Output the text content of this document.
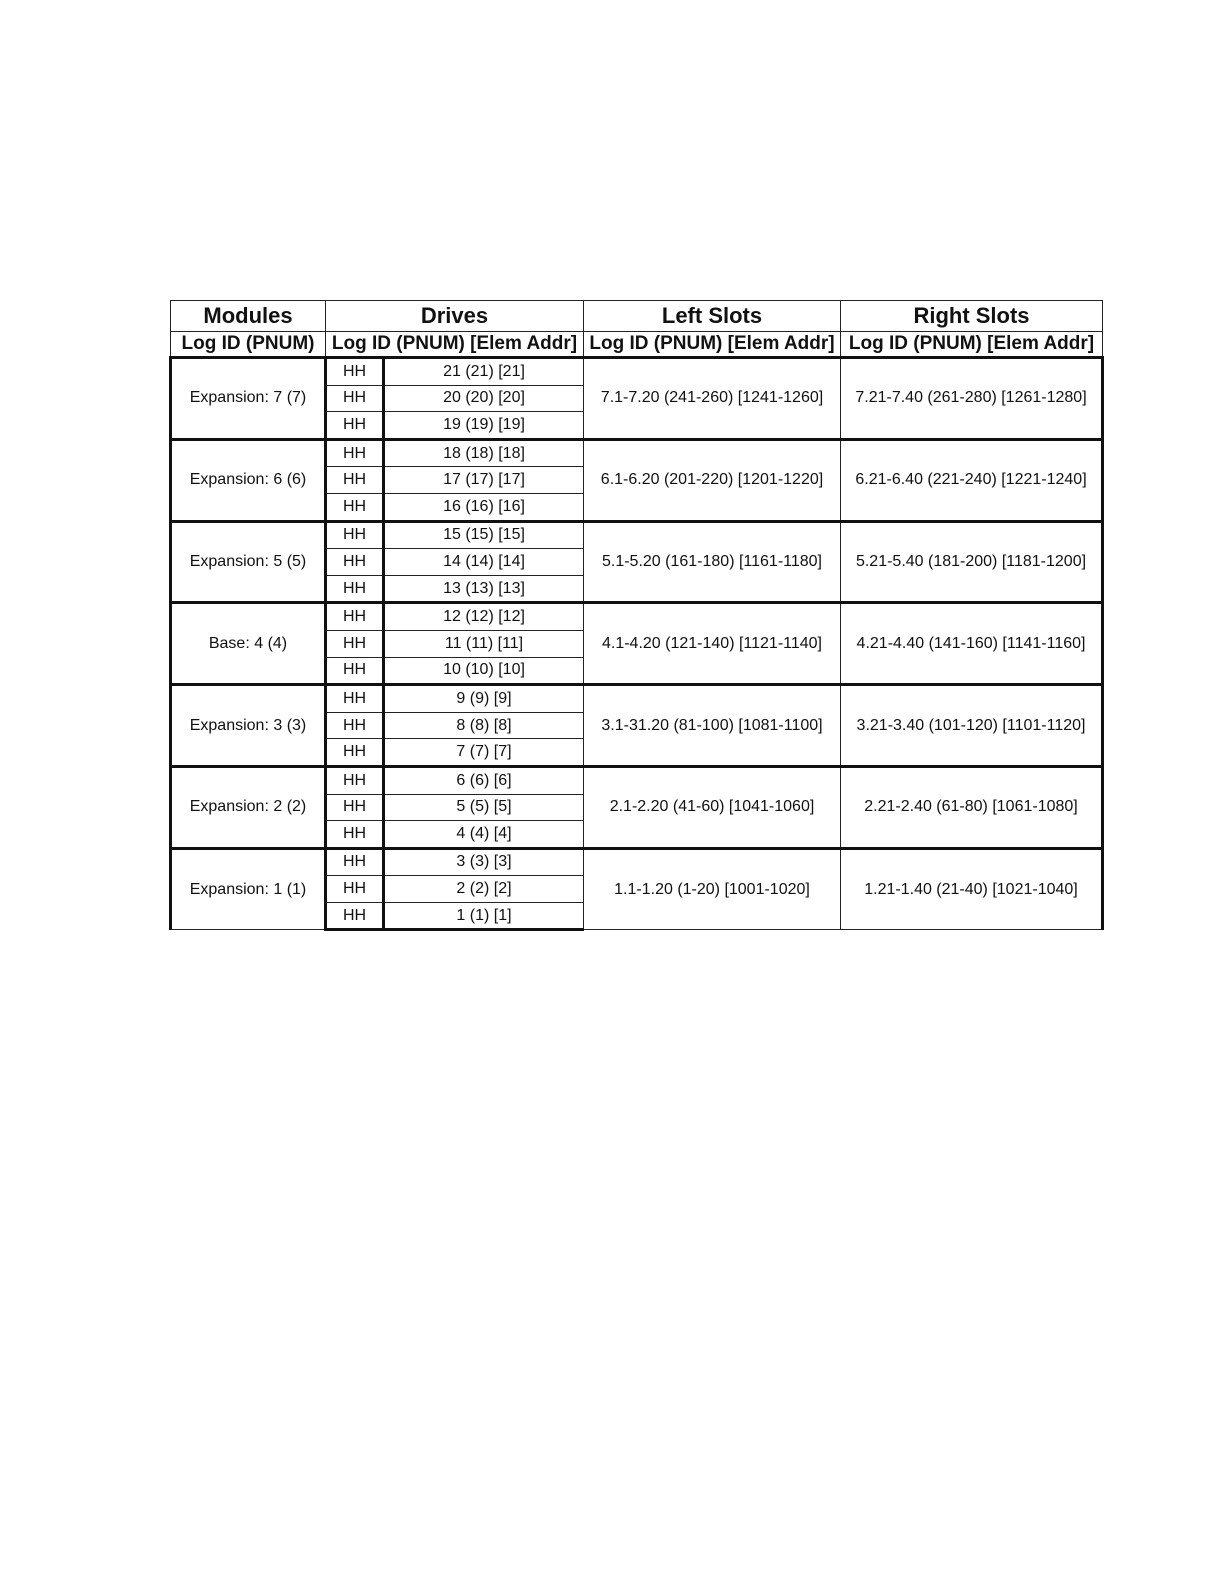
Modules	Drives		Left Slots	Right Slots
Log ID (PNUM)	Log ID (PNUM) [Elem Addr]		Log ID (PNUM) [Elem Addr]	Log ID (PNUM) [Elem Addr]
Expansion: 7 (7)	HH	21 (21) [21]	7.1-7.20 (241-260) [1241-1260]	7.21-7.40 (261-280) [1261-1280]
	HH	20 (20) [20]		
	HH	19 (19) [19]		
Expansion: 6 (6)	HH	18 (18) [18]	6.1-6.20 (201-220) [1201-1220]	6.21-6.40 (221-240) [1221-1240]
	HH	17 (17) [17]		
	HH	16 (16) [16]		
Expansion: 5 (5)	HH	15 (15) [15]	5.1-5.20 (161-180) [1161-1180]	5.21-5.40 (181-200) [1181-1200]
	HH	14 (14) [14]		
	HH	13 (13) [13]		
Base: 4 (4)	HH	12 (12) [12]	4.1-4.20 (121-140) [1121-1140]	4.21-4.40 (141-160) [1141-1160]
	HH	11 (11) [11]		
	HH	10 (10) [10]		
Expansion: 3 (3)	HH	9 (9) [9]	3.1-31.20 (81-100) [1081-1100]	3.21-3.40 (101-120) [1101-1120]
	HH	8 (8) [8]		
	HH	7 (7) [7]		
Expansion: 2 (2)	HH	6 (6) [6]	2.1-2.20 (41-60) [1041-1060]	2.21-2.40 (61-80) [1061-1080]
	HH	5 (5) [5]		
	HH	4 (4) [4]		
Expansion: 1 (1)	HH	3 (3) [3]	1.1-1.20 (1-20) [1001-1020]	1.21-1.40 (21-40) [1021-1040]
	HH	2 (2) [2]		
	HH	1 (1) [1]		
